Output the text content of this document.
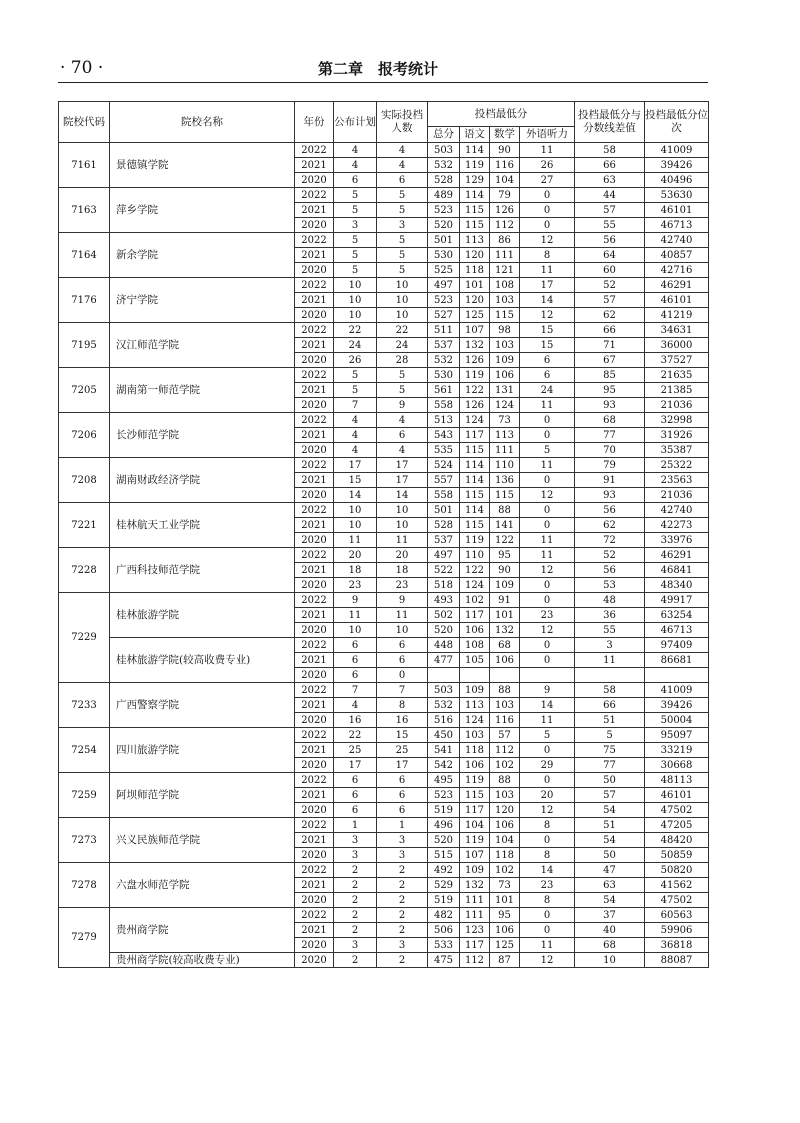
· 70 ·	第二章　报考统计
院校代码	院校名称	年份	公布计划	实际投档人数	投档最低分				投档最低分与分数线差值	投档最低分位次
					总分	语文	数学	外语听力		
7161	景德镇学院	2022	4	4	503	114	90	11	58	41009
		2021	4	4	532	119	116	26	66	39426
		2020	6	6	528	129	104	27	63	40496
7163	萍乡学院	2022	5	5	489	114	79	0	44	53630
		2021	5	5	523	115	126	0	57	46101
		2020	3	3	520	115	112	0	55	46713
7164	新余学院	2022	5	5	501	113	86	12	56	42740
		2021	5	5	530	120	111	8	64	40857
		2020	5	5	525	118	121	11	60	42716
7176	济宁学院	2022	10	10	497	101	108	17	52	46291
		2021	10	10	523	120	103	14	57	46101
		2020	10	10	527	125	115	12	62	41219
7195	汉江师范学院	2022	22	22	511	107	98	15	66	34631
		2021	24	24	537	132	103	15	71	36000
		2020	26	28	532	126	109	6	67	37527
7205	湖南第一师范学院	2022	5	5	530	119	106	6	85	21635
		2021	5	5	561	122	131	24	95	21385
		2020	7	9	558	126	124	11	93	21036
7206	长沙师范学院	2022	4	4	513	124	73	0	68	32998
		2021	4	6	543	117	113	0	77	31926
		2020	4	4	535	115	111	5	70	35387
7208	湖南财政经济学院	2022	17	17	524	114	110	11	79	25322
		2021	15	17	557	114	136	0	91	23563
		2020	14	14	558	115	115	12	93	21036
7221	桂林航天工业学院	2022	10	10	501	114	88	0	56	42740
		2021	10	10	528	115	141	0	62	42273
		2020	11	11	537	119	122	11	72	33976
7228	广西科技师范学院	2022	20	20	497	110	95	11	52	46291
		2021	18	18	522	122	90	12	56	46841
		2020	23	23	518	124	109	0	53	48340
7229	桂林旅游学院	2022	9	9	493	102	91	0	48	49917
		2021	11	11	502	117	101	23	36	63254
		2020	10	10	520	106	132	12	55	46713
	桂林旅游学院(较高收费专业)	2022	6	6	448	108	68	0	3	97409
		2021	6	6	477	105	106	0	11	86681
		2020	6	0						
7233	广西警察学院	2022	7	7	503	109	88	9	58	41009
		2021	4	8	532	113	103	14	66	39426
		2020	16	16	516	124	116	11	51	50004
7254	四川旅游学院	2022	22	15	450	103	57	5	5	95097
		2021	25	25	541	118	112	0	75	33219
		2020	17	17	542	106	102	29	77	30668
7259	阿坝师范学院	2022	6	6	495	119	88	0	50	48113
		2021	6	6	523	115	103	20	57	46101
		2020	6	6	519	117	120	12	54	47502
7273	兴义民族师范学院	2022	1	1	496	104	106	8	51	47205
		2021	3	3	520	119	104	0	54	48420
		2020	3	3	515	107	118	8	50	50859
7278	六盘水师范学院	2022	2	2	492	109	102	14	47	50820
		2021	2	2	529	132	73	23	63	41562
		2020	2	2	519	111	101	8	54	47502
7279	贵州商学院	2022	2	2	482	111	95	0	37	60563
		2021	2	2	506	123	106	0	40	59906
		2020	3	3	533	117	125	11	68	36818
	贵州商学院(较高收费专业)	2020	2	2	475	112	87	12	10	88087
